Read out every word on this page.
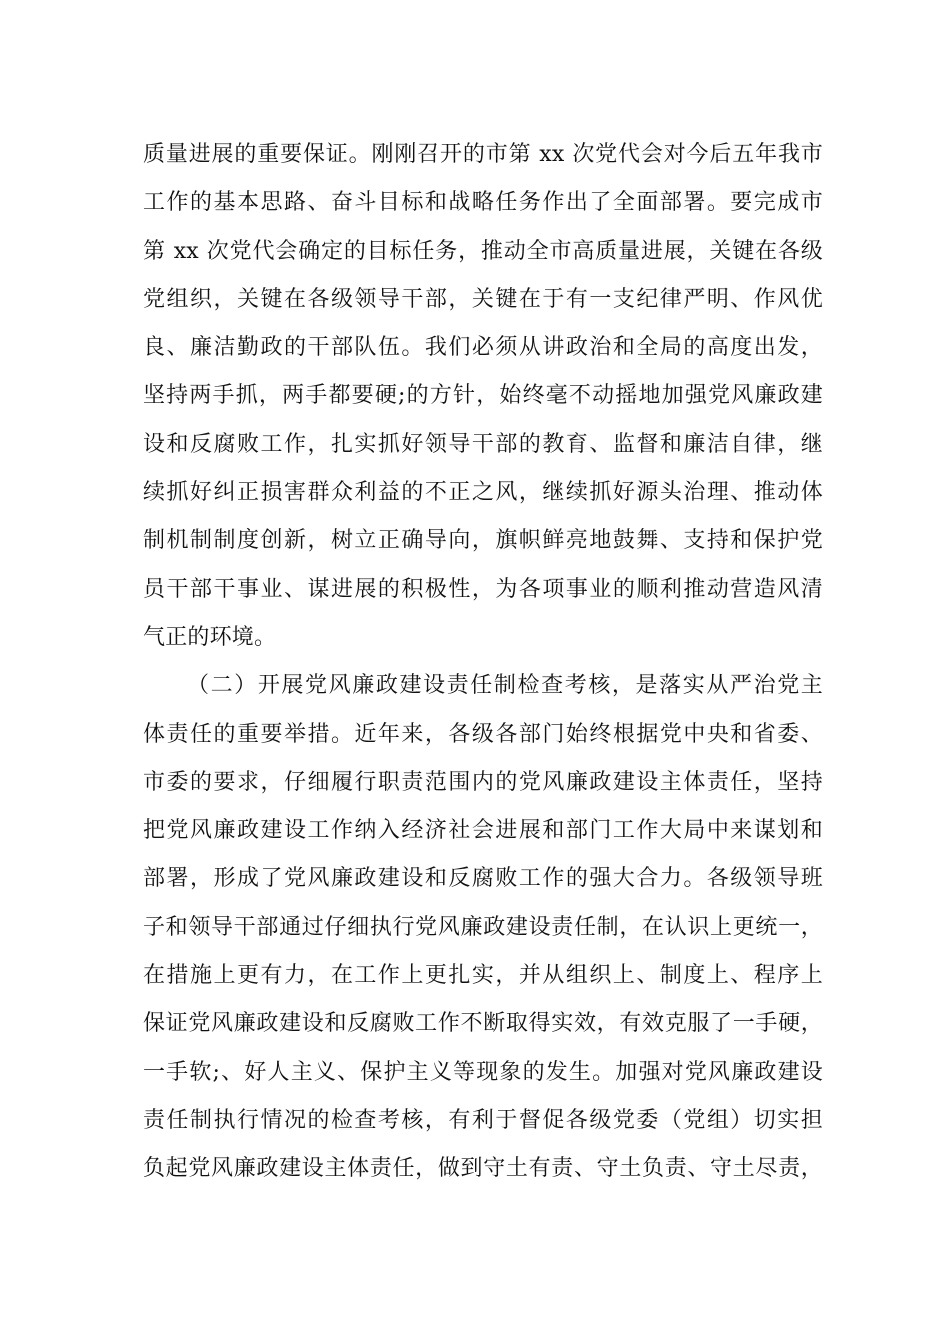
质量进展的重要保证。刚刚召开的市第 xx 次党代会对今后五年我市
工作的基本思路、奋斗目标和战略任务作出了全面部署。要完成市
第 xx 次党代会确定的目标任务，推动全市高质量进展，关键在各级
党组织，关键在各级领导干部，关键在于有一支纪律严明、作风优
良、廉洁勤政的干部队伍。我们必须从讲政治和全局的高度出发，
坚持两手抓，两手都要硬;的方针，始终毫不动摇地加强党风廉政建
设和反腐败工作，扎实抓好领导干部的教育、监督和廉洁自律，继
续抓好纠正损害群众利益的不正之风，继续抓好源头治理、推动体
制机制制度创新，树立正确导向，旗帜鲜亮地鼓舞、支持和保护党
员干部干事业、谋进展的积极性，为各项事业的顺利推动营造风清
气正的环境。
（二）开展党风廉政建设责任制检查考核，是落实从严治党主
体责任的重要举措。近年来，各级各部门始终根据党中央和省委、
市委的要求，仔细履行职责范围内的党风廉政建设主体责任，坚持
把党风廉政建设工作纳入经济社会进展和部门工作大局中来谋划和
部署，形成了党风廉政建设和反腐败工作的强大合力。各级领导班
子和领导干部通过仔细执行党风廉政建设责任制，在认识上更统一，
在措施上更有力，在工作上更扎实，并从组织上、制度上、程序上
保证党风廉政建设和反腐败工作不断取得实效，有效克服了一手硬，
一手软;、好人主义、保护主义等现象的发生。加强对党风廉政建设
责任制执行情况的检查考核，有利于督促各级党委（党组）切实担
负起党风廉政建设主体责任，做到守土有责、守土负责、守土尽责，
